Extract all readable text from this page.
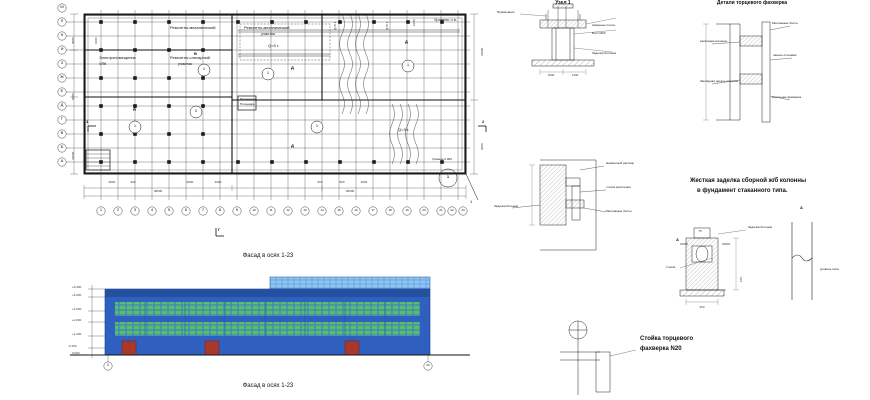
М
Л
К
И
З
Ж
Е
Д
Г
В
Б
А
1	2	3	4	5	6	7	8	9	10	11	12	13	14	15	16	17	18	19	20	21	22	23
Электропомещение
УЛК
Ремонтно-механический	Ремонтно-механический
участок
Ремонтно-слесарный
участок
Раздевалка
Площадка
Q=5 т.
Q=3 т.
Q=5 т.	Q=5 т.
Уровень ч.п.
Уровень 0.000
1
2
1
1
1
1
Д
В
Д
Д
Д
1	2
Г
1
1
48000	36000
6000	500	6000	4000	500	500	4000
6000
6000
24000
24000
6000
1000
1000
Фасад в осях 1-23
+8.400
+6.000
+4.000
+2.000
+1.200
-0.150
0.000
1	23
Фасад в осях 1-23
Узел 1	Детали торцевого фахверка
Жесткая заделка сборной ж/б колонны
в фундамент стаканного типа.
Стойка торцевого
фахверка N20
Примечание
Анкерные плиты
Болт М20
Заделка бетоном
1000	1200
Монтажные болты
панель стеновая
крепление фахверка
раскладка колонны
Закладная деталь колонны
Цементный раствор
столик крепления
Монтажные болты
Заделка бетоном	А
А
200
100
75
Заделка бетоном
столик	уровень пола
